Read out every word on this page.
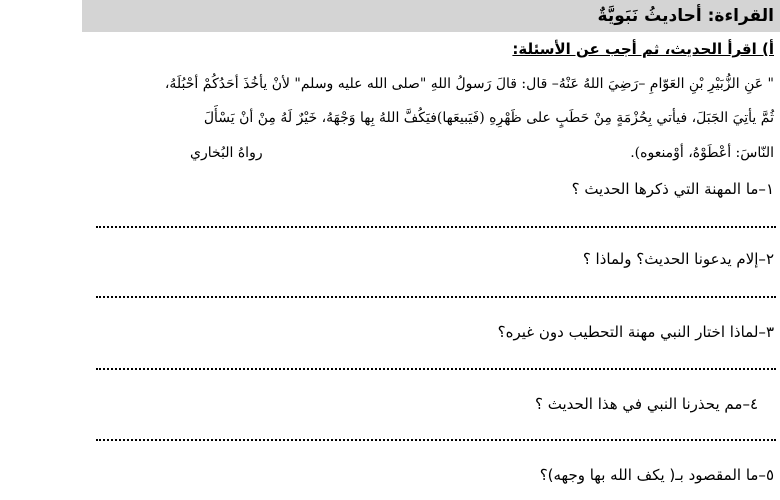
القراءة: أحاديثُ نَبَويَّةٌ
أ) اقرأ الحديث، ثم أجب عن الأسئلة:
" عَنِ الزُّبَيْرِ بْنِ العَوّامِ –رَضِيَ اللهُ عَنْهُ– قال: قالَ رَسولُ اللهِ "صلى الله عليه وسلم" لأنْ يأخُذَ أحَدُكُمْ أحْبُلَهُ،
ثُمَّ يأتِيَ الجَبَلَ، فيأتي بِحُزْمَةٍ مِنْ حَطَبٍ على ظَهْرِهِ (فَيَبيعَها)فيَكُفَّ اللهُ بِها وَجْهَهُ، خَيْرٌ لَهُ مِنْ أنْ يَسْأَلَ
النّاسَ: أعْطَوْهُ، أوْمنعوه).
رواهُ البُخاري
١–ما المهنة التي ذكرها الحديث ؟
٢–إلام يدعونا الحديث؟ ولماذا ؟
٣–لماذا اختار النبي مهنة التحطيب دون غيره؟
٤–مم يحذرنا النبي في هذا الحديث ؟
٥–ما المقصود بـ( يكف الله بها وجهه)؟
